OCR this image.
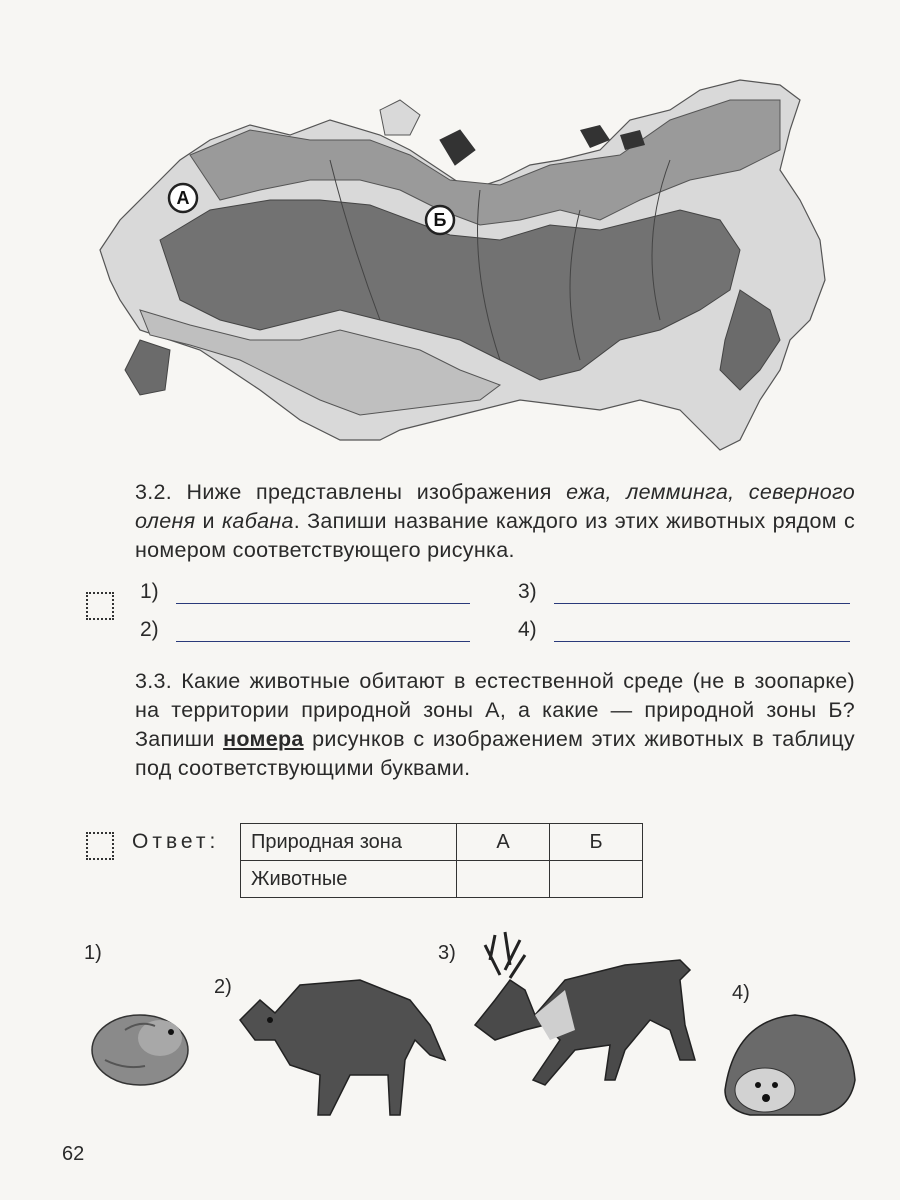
А
Б
3.2. Ниже представлены изображения ежа, лемминга, северного оленя и кабана. Запиши название каждого из этих животных рядом с номером соответствующего рисунка.
1)
2)
3)
4)
3.3. Какие животные обитают в естественной среде (не в зоопарке) на территории природной зоны А, а какие — природной зоны Б? Запиши номера рисунков с изображением этих животных в таблицу под соответствующими буквами.
Ответ: Природная зона	А	Б
Животные		
1)
2)
3)
4)
62
